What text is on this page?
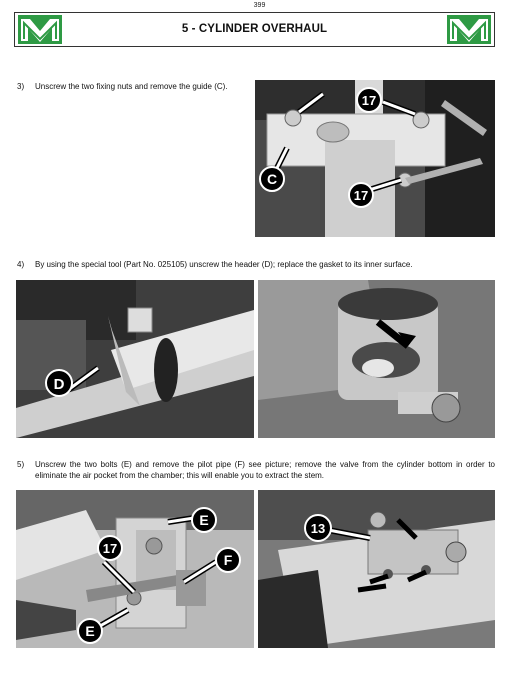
399
5 - CYLINDER OVERHAUL
3) Unscrew the two fixing nuts and remove the guide (C).
17
C
17
4) By using the special tool (Part No. 025105) unscrew the header (D); replace the gasket to its inner surface.
D
5) Unscrew the two bolts (E) and remove the pilot pipe (F) see picture; remove the valve from the cylinder bottom in order to eliminate the air pocket from the chamber; this will enable you to extract the stem.
E
17
F
E
13
